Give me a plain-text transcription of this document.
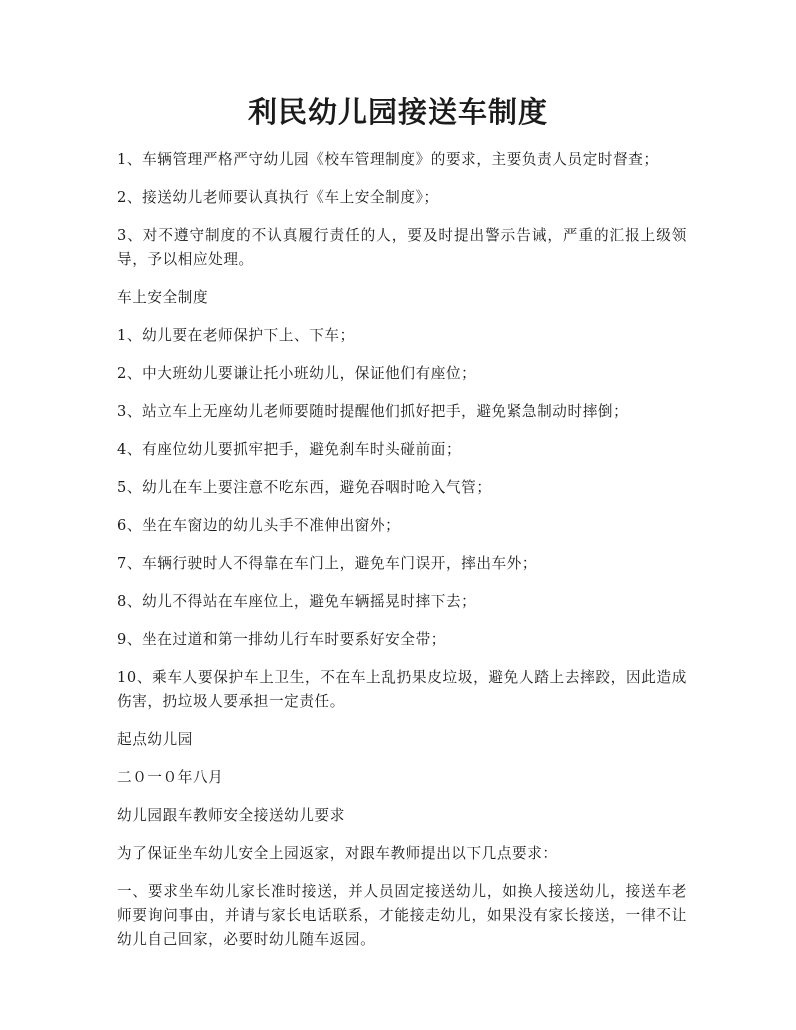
利民幼儿园接送车制度

1、车辆管理严格严守幼儿园《校车管理制度》的要求，主要负责人员定时督查；

2、接送幼儿老师要认真执行《车上安全制度》；

3、对不遵守制度的不认真履行责任的人，要及时提出警示告诫，严重的汇报上级领导，予以相应处理。

车上安全制度

1、幼儿要在老师保护下上、下车；

2、中大班幼儿要谦让托小班幼儿，保证他们有座位；

3、站立车上无座幼儿老师要随时提醒他们抓好把手，避免紧急制动时摔倒；

4、有座位幼儿要抓牢把手，避免刹车时头碰前面；

5、幼儿在车上要注意不吃东西，避免吞咽时呛入气管；

6、坐在车窗边的幼儿头手不准伸出窗外；

7、车辆行驶时人不得靠在车门上，避免车门误开，摔出车外；

8、幼儿不得站在车座位上，避免车辆摇晃时摔下去；

9、坐在过道和第一排幼儿行车时要系好安全带；

10、乘车人要保护车上卫生，不在车上乱扔果皮垃圾，避免人踏上去摔跤，因此造成伤害，扔垃圾人要承担一定责任。

起点幼儿园

二０一０年八月

幼儿园跟车教师安全接送幼儿要求

为了保证坐车幼儿安全上园返家，对跟车教师提出以下几点要求：

一、要求坐车幼儿家长准时接送，并人员固定接送幼儿，如换人接送幼儿，接送车老师要询问事由，并请与家长电话联系，才能接走幼儿，如果没有家长接送，一律不让幼儿自己回家，必要时幼儿随车返园。
